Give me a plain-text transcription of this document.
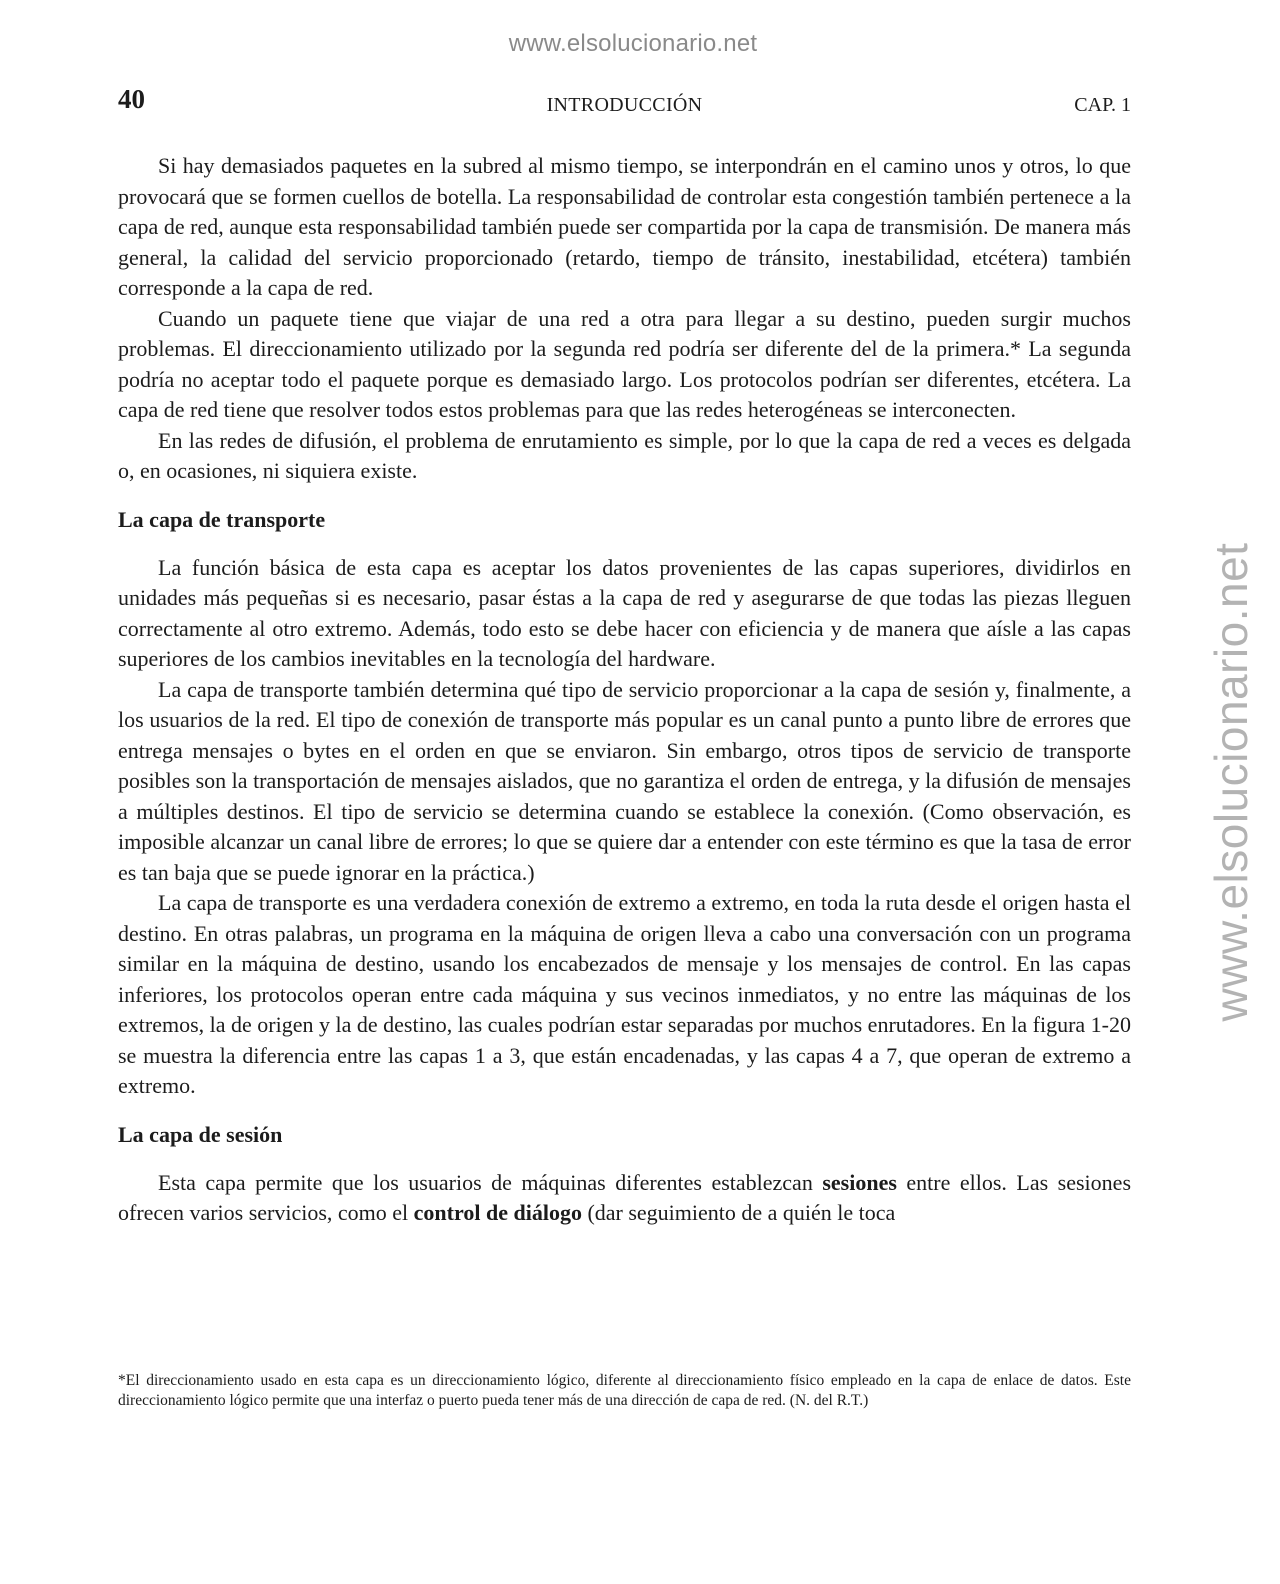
www.elsolucionario.net
www.elsolucionario.net
40	INTRODUCCIÓN	CAP. 1

Si hay demasiados paquetes en la subred al mismo tiempo, se interpondrán en el camino unos y otros, lo que provocará que se formen cuellos de botella. La responsabilidad de controlar esta congestión también pertenece a la capa de red, aunque esta responsabilidad también puede ser compartida por la capa de transmisión. De manera más general, la calidad del servicio proporcionado (retardo, tiempo de tránsito, inestabilidad, etcétera) también corresponde a la capa de red.

Cuando un paquete tiene que viajar de una red a otra para llegar a su destino, pueden surgir muchos problemas. El direccionamiento utilizado por la segunda red podría ser diferente del de la primera.* La segunda podría no aceptar todo el paquete porque es demasiado largo. Los protocolos podrían ser diferentes, etcétera. La capa de red tiene que resolver todos estos problemas para que las redes heterogéneas se interconecten.

En las redes de difusión, el problema de enrutamiento es simple, por lo que la capa de red a veces es delgada o, en ocasiones, ni siquiera existe.

La capa de transporte

La función básica de esta capa es aceptar los datos provenientes de las capas superiores, dividirlos en unidades más pequeñas si es necesario, pasar éstas a la capa de red y asegurarse de que todas las piezas lleguen correctamente al otro extremo. Además, todo esto se debe hacer con eficiencia y de manera que aísle a las capas superiores de los cambios inevitables en la tecnología del hardware.

La capa de transporte también determina qué tipo de servicio proporcionar a la capa de sesión y, finalmente, a los usuarios de la red. El tipo de conexión de transporte más popular es un canal punto a punto libre de errores que entrega mensajes o bytes en el orden en que se enviaron. Sin embargo, otros tipos de servicio de transporte posibles son la transportación de mensajes aislados, que no garantiza el orden de entrega, y la difusión de mensajes a múltiples destinos. El tipo de servicio se determina cuando se establece la conexión. (Como observación, es imposible alcanzar un canal libre de errores; lo que se quiere dar a entender con este término es que la tasa de error es tan baja que se puede ignorar en la práctica.)

La capa de transporte es una verdadera conexión de extremo a extremo, en toda la ruta desde el origen hasta el destino. En otras palabras, un programa en la máquina de origen lleva a cabo una conversación con un programa similar en la máquina de destino, usando los encabezados de mensaje y los mensajes de control. En las capas inferiores, los protocolos operan entre cada máquina y sus vecinos inmediatos, y no entre las máquinas de los extremos, la de origen y la de destino, las cuales podrían estar separadas por muchos enrutadores. En la figura 1-20 se muestra la diferencia entre las capas 1 a 3, que están encadenadas, y las capas 4 a 7, que operan de extremo a extremo.

La capa de sesión

Esta capa permite que los usuarios de máquinas diferentes establezcan sesiones entre ellos. Las sesiones ofrecen varios servicios, como el control de diálogo (dar seguimiento de a quién le toca

*El direccionamiento usado en esta capa es un direccionamiento lógico, diferente al direccionamiento físico empleado en la capa de enlace de datos. Este direccionamiento lógico permite que una interfaz o puerto pueda tener más de una dirección de capa de red. (N. del R.T.)
